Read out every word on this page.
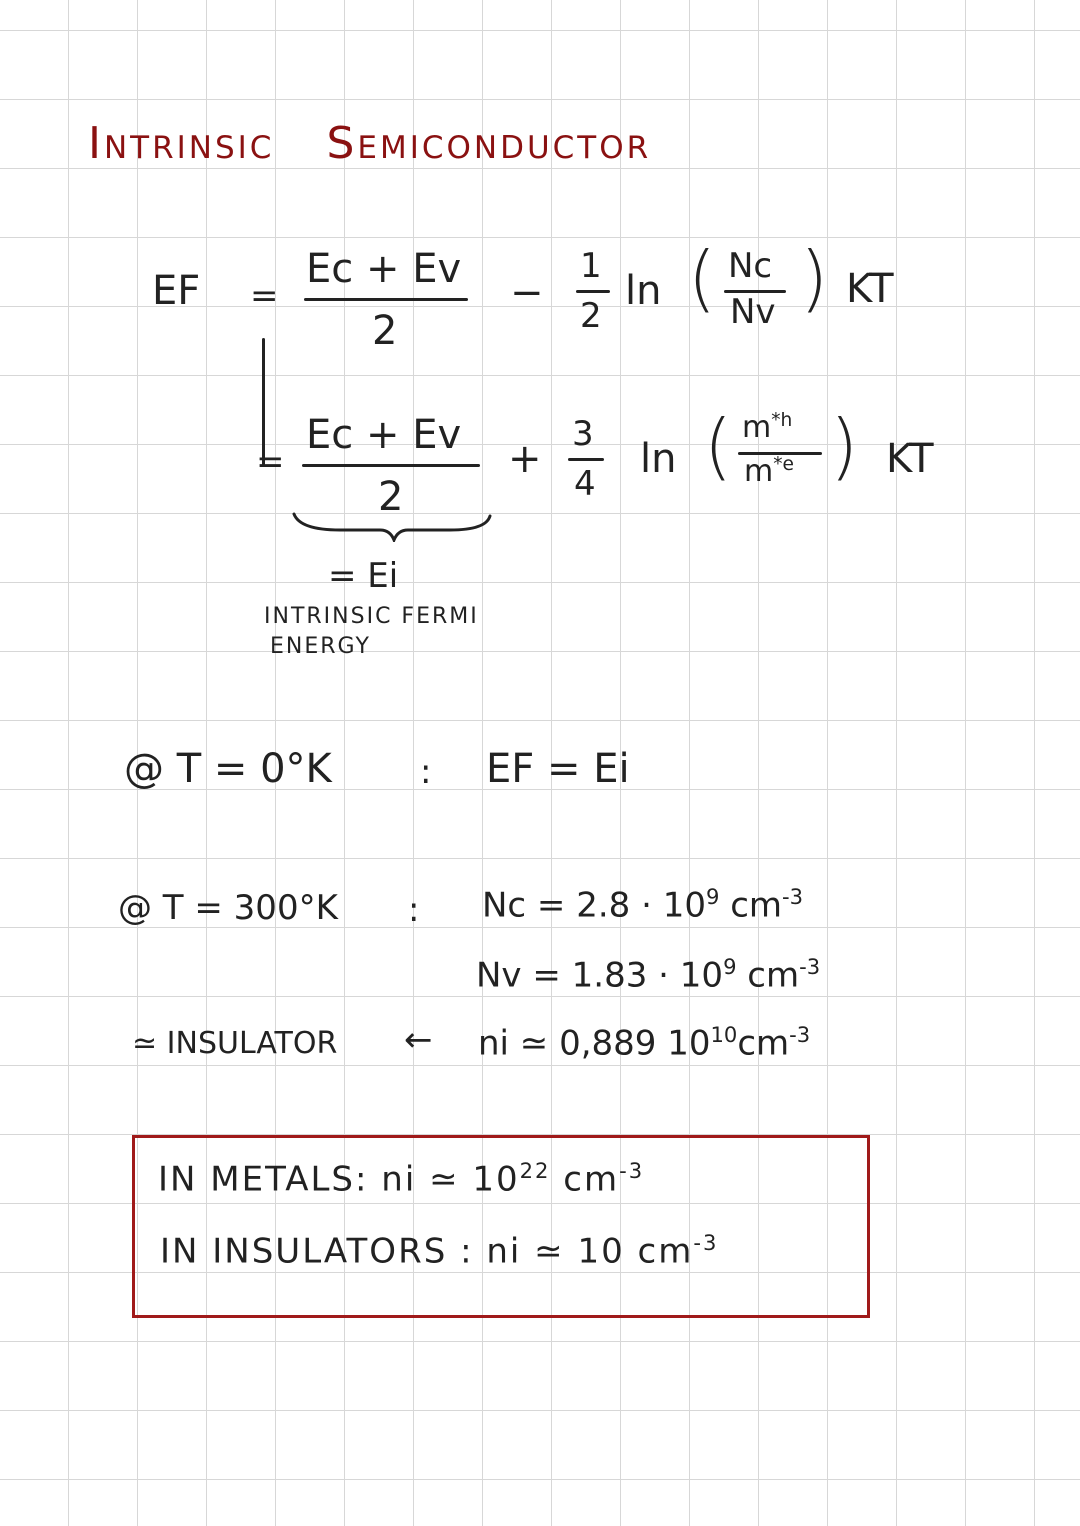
Intrinsic Semiconductor
EF =
Ec + Ev
2
−
1
2
ln ( Nc
Nv ) KT
=
Ec + Ev
2
+
3
4
ln ( $m^{*h}$
$m^{*e}$ ) KT
= Ei
INTRINSIC FERMI
ENERGY
@ T = 0°K	: EF = Ei
@ T = 300°K : $Nc = 2.8 \cdot 10^9$ $cm^{-3}$
$Nv = 1.83 \cdot 10^9$ $cm^{-3}$
≃ INSULATOR ← ni ≃ 0,889 $10^{10}cm^{-3}$
IN METALS: ni ≃ $10^{22}$ $cm^{-3}$
IN INSULATORS : ni ≃ 10 $cm^{-3}$
